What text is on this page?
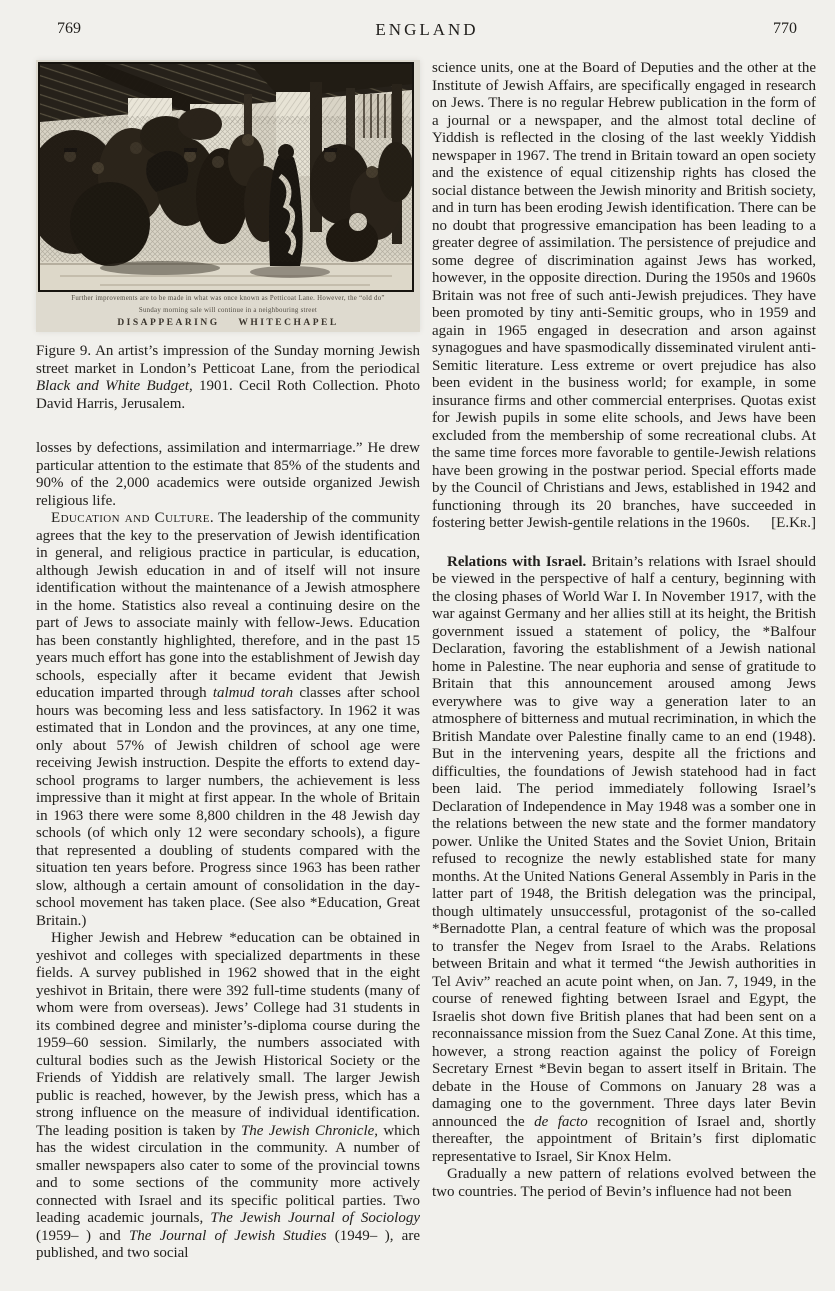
769	ENGLAND	770
Further improvements are to be made in what was once known as Petticoat Lane. However, the “old do”
Sunday morning sale will continue in a neighbouring street
DISAPPEARING WHITECHAPEL

Figure 9. An artist’s impression of the Sunday morning Jewish street market in London’s Petticoat Lane, from the periodical Black and White Budget, 1901. Cecil Roth Collection. Photo David Harris, Jerusalem.

losses by defections, assimilation and intermarriage.” He drew particular attention to the estimate that 85% of the students and 90% of the 2,000 academics were outside organized Jewish religious life.

Education and Culture. The leadership of the community agrees that the key to the preservation of Jewish identification in general, and religious practice in particular, is education, although Jewish education in and of itself will not insure identification without the maintenance of a Jewish atmosphere in the home. Statistics also reveal a continuing desire on the part of Jews to associate mainly with fellow-Jews. Education has been constantly highlighted, therefore, and in the past 15 years much effort has gone into the establishment of Jewish day schools, especially after it became evident that Jewish education imparted through talmud torah classes after school hours was becoming less and less satisfactory. In 1962 it was estimated that in London and the provinces, at any one time, only about 57% of Jewish children of school age were receiving Jewish instruction. Despite the efforts to extend day-school programs to larger numbers, the achievement is less impressive than it might at first appear. In the whole of Britain in 1963 there were some 8,800 children in the 48 Jewish day schools (of which only 12 were secondary schools), a figure that represented a doubling of students compared with the situation ten years before. Progress since 1963 has been rather slow, although a certain amount of consolidation in the day-school movement has taken place. (See also *Education, Great Britain.)

Higher Jewish and Hebrew *education can be obtained in yeshivot and colleges with specialized departments in these fields. A survey published in 1962 showed that in the eight yeshivot in Britain, there were 392 full-time students (many of whom were from overseas). Jews’ College had 31 students in its combined degree and minister’s-diploma course during the 1959–60 session. Similarly, the numbers associated with cultural bodies such as the Jewish Historical Society or the Friends of Yiddish are relatively small. The larger Jewish public is reached, however, by the Jewish press, which has a strong influence on the measure of individual identification. The leading position is taken by The Jewish Chronicle, which has the widest circulation in the community. A number of smaller newspapers also cater to some of the provincial towns and to some sections of the community more actively connected with Israel and its specific political parties. Two leading academic journals, The Jewish Journal of Sociology (1959– ) and The Journal of Jewish Studies (1949– ), are published, and two social

science units, one at the Board of Deputies and the other at the Institute of Jewish Affairs, are specifically engaged in research on Jews. There is no regular Hebrew publication in the form of a journal or a newspaper, and the almost total decline of Yiddish is reflected in the closing of the last weekly Yiddish newspaper in 1967. The trend in Britain toward an open society and the existence of equal citizenship rights has closed the social distance between the Jewish minority and British society, and in turn has been eroding Jewish identification. There can be no doubt that progressive emancipation has been leading to a greater degree of assimilation. The persistence of prejudice and some degree of discrimination against Jews has worked, however, in the opposite direction. During the 1950s and 1960s Britain was not free of such anti-Jewish prejudices. They have been promoted by tiny anti-Semitic groups, who in 1959 and again in 1965 engaged in desecration and arson against synagogues and have spasmodically disseminated virulent anti-Semitic literature. Less extreme or overt prejudice has also been evident in the business world; for example, in some insurance firms and other commercial enterprises. Quotas exist for Jewish pupils in some elite schools, and Jews have been excluded from the membership of some recreational clubs. At the same time forces more favorable to gentile-Jewish relations have been growing in the postwar period. Special efforts made by the Council of Christians and Jews, established in 1942 and functioning through its 20 branches, have succeeded in fostering better Jewish-gentile relations in the 1960s.	[E.Kr.]

Relations with Israel. Britain’s relations with Israel should be viewed in the perspective of half a century, beginning with the closing phases of World War I. In November 1917, with the war against Germany and her allies still at its height, the British government issued a statement of policy, the *Balfour Declaration, favoring the establishment of a Jewish national home in Palestine. The near euphoria and sense of gratitude to Britain that this announcement aroused among Jews everywhere was to give way a generation later to an atmosphere of bitterness and mutual recrimination, in which the British Mandate over Palestine finally came to an end (1948). But in the intervening years, despite all the frictions and difficulties, the foundations of Jewish statehood had in fact been laid. The period immediately following Israel’s Declaration of Independence in May 1948 was a somber one in the relations between the new state and the former mandatory power. Unlike the United States and the Soviet Union, Britain refused to recognize the newly established state for many months. At the United Nations General Assembly in Paris in the latter part of 1948, the British delegation was the principal, though ultimately unsuccessful, protagonist of the so-called *Bernadotte Plan, a central feature of which was the proposal to transfer the Negev from Israel to the Arabs. Relations between Britain and what it termed “the Jewish authorities in Tel Aviv” reached an acute point when, on Jan. 7, 1949, in the course of renewed fighting between Israel and Egypt, the Israelis shot down five British planes that had been sent on a reconnaissance mission from the Suez Canal Zone. At this time, however, a strong reaction against the policy of Foreign Secretary Ernest *Bevin began to assert itself in Britain. The debate in the House of Commons on January 28 was a damaging one to the government. Three days later Bevin announced the de facto recognition of Israel and, shortly thereafter, the appointment of Britain’s first diplomatic representative to Israel, Sir Knox Helm.

Gradually a new pattern of relations evolved between the two countries. The period of Bevin’s influence had not been
